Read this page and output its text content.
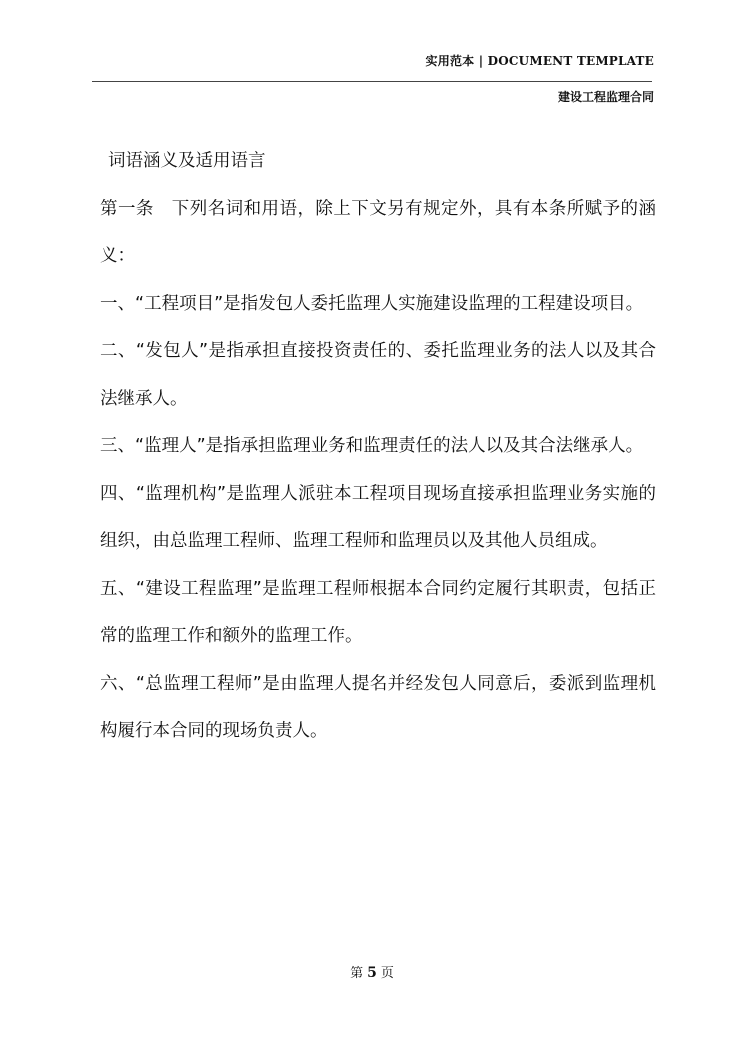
实用范本 | DOCUMENT TEMPLATE
建设工程监理合同

词语涵义及适用语言

第一条　下列名词和用语，除上下文另有规定外，具有本条所赋予的涵义：

一、“工程项目”是指发包人委托监理人实施建设监理的工程建设项目。

二、“发包人”是指承担直接投资责任的、委托监理业务的法人以及其合法继承人。

三、“监理人”是指承担监理业务和监理责任的法人以及其合法继承人。

四、“监理机构”是监理人派驻本工程项目现场直接承担监理业务实施的组织，由总监理工程师、监理工程师和监理员以及其他人员组成。

五、“建设工程监理”是监理工程师根据本合同约定履行其职责，包括正常的监理工作和额外的监理工作。

六、“总监理工程师”是由监理人提名并经发包人同意后，委派到监理机构履行本合同的现场负责人。

第 5 页
